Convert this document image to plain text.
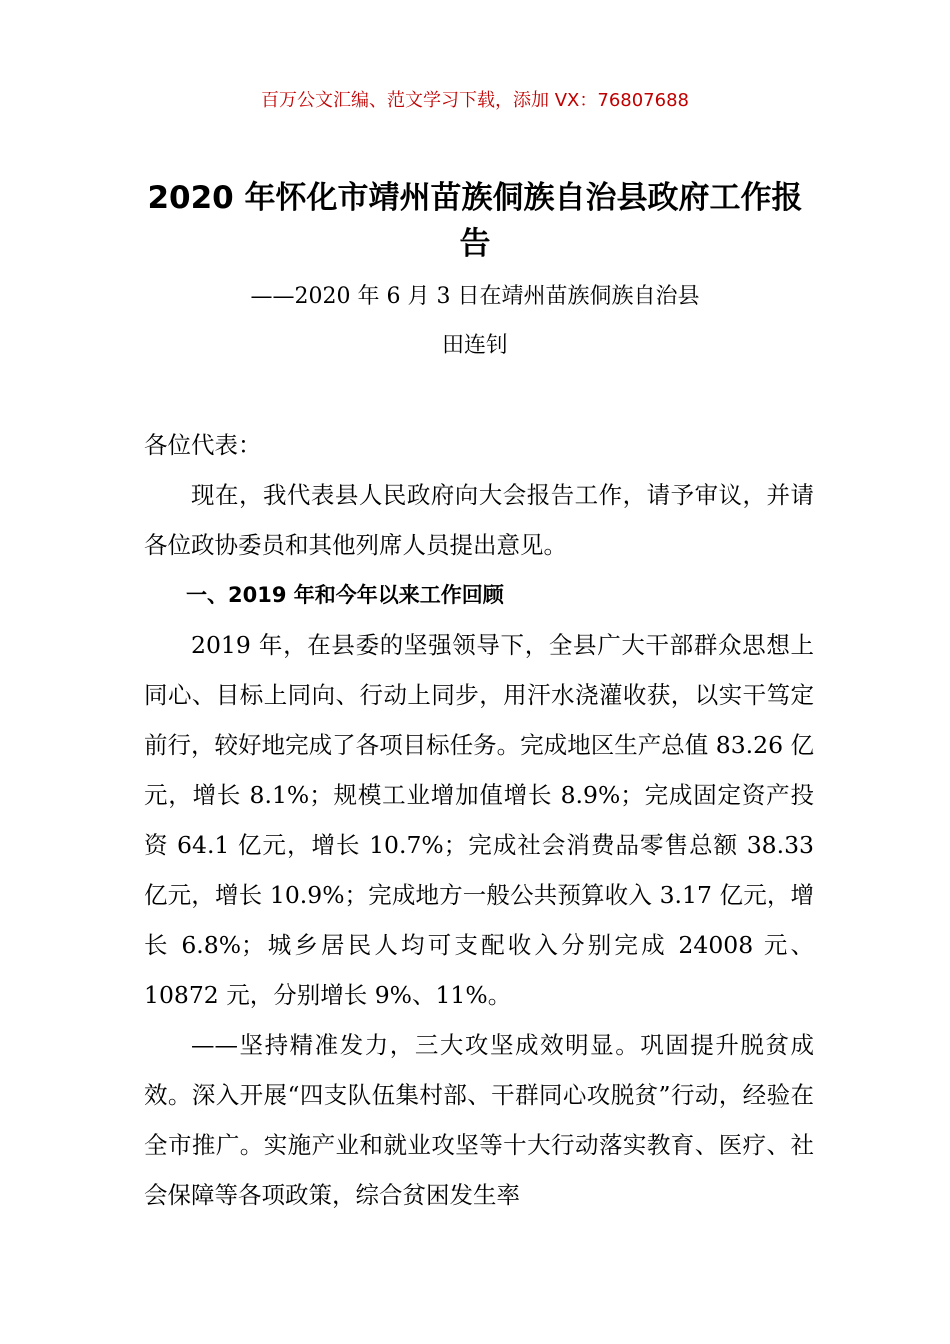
百万公文汇编、范文学习下载，添加 VX：76807688
2020 年怀化市靖州苗族侗族自治县政府工作报告
——2020 年 6 月 3 日在靖州苗族侗族自治县
田连钊

各位代表：

现在，我代表县人民政府向大会报告工作，请予审议，并请各位政协委员和其他列席人员提出意见。

一、2019 年和今年以来工作回顾

2019 年，在县委的坚强领导下，全县广大干部群众思想上同心、目标上同向、行动上同步，用汗水浇灌收获，以实干笃定前行，较好地完成了各项目标任务。完成地区生产总值 83.26 亿元，增长 8.1%；规模工业增加值增长 8.9%；完成固定资产投资 64.1 亿元，增长 10.7%；完成社会消费品零售总额 38.33 亿元，增长 10.9%；完成地方一般公共预算收入 3.17 亿元，增长 6.8%；城乡居民人均可支配收入分别完成 24008 元、10872 元，分别增长 9%、11%。

——坚持精准发力，三大攻坚成效明显。巩固提升脱贫成效。深入开展“四支队伍集村部、干群同心攻脱贫”行动，经验在全市推广。实施产业和就业攻坚等十大行动落实教育、医疗、社会保障等各项政策，综合贫困发生率
